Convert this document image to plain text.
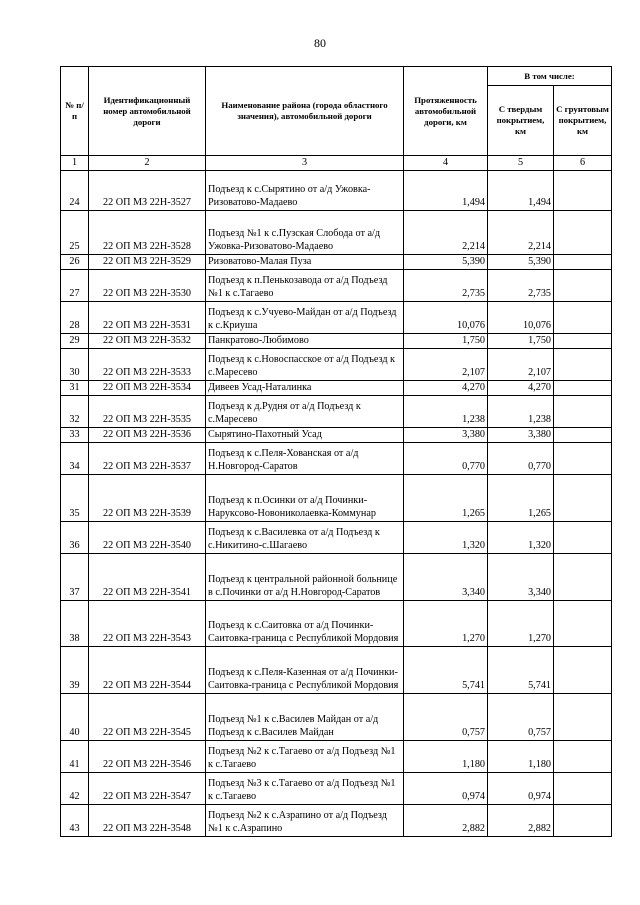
80
№ п/п	Идентификационный номер автомобильной дороги	Наименование района (города областного значения), автомобильной дороги	Протяженность автомобильной дороги, км	В том числе:	
				С твердым покрытием, км	С грунтовым покрытием, км
1	2	3	4	5	6
24	22 ОП МЗ 22Н-3527	Подъезд к с.Сырятино от а/д Ужовка-Ризоватово-Мадаево	1,494	1,494	
25	22 ОП МЗ 22Н-3528	Подъезд №1 к с.Пузская Слобода от а/д Ужовка-Ризоватово-Мадаево	2,214	2,214	
26	22 ОП МЗ 22Н-3529	Ризоватово-Малая Пуза	5,390	5,390	
27	22 ОП МЗ 22Н-3530	Подъезд к п.Пенькозавода от а/д Подъезд №1 к с.Тагаево	2,735	2,735	
28	22 ОП МЗ 22Н-3531	Подъезд к с.Учуево-Майдан от а/д Подъезд к с.Криуша	10,076	10,076	
29	22 ОП МЗ 22Н-3532	Панкратово-Любимово	1,750	1,750	
30	22 ОП МЗ 22Н-3533	Подъезд к с.Новоспасское от а/д Подъезд к с.Маресево	2,107	2,107	
31	22 ОП МЗ 22Н-3534	Дивеев Усад-Наталинка	4,270	4,270	
32	22 ОП МЗ 22Н-3535	Подъезд к д.Рудня от а/д Подъезд к с.Маресево	1,238	1,238	
33	22 ОП МЗ 22Н-3536	Сырятино-Пахотный Усад	3,380	3,380	
34	22 ОП МЗ 22Н-3537	Подъезд к с.Пеля-Хованская от а/д Н.Новгород-Саратов	0,770	0,770	
35	22 ОП МЗ 22Н-3539	Подъезд к п.Осинки от а/д Починки-Наруксово-Новониколаевка-Коммунар	1,265	1,265	
36	22 ОП МЗ 22Н-3540	Подъезд к с.Василевка от а/д Подъезд к с.Никитино-с.Шагаево	1,320	1,320	
37	22 ОП МЗ 22Н-3541	Подъезд к центральной районной больнице в с.Починки от а/д Н.Новгород-Саратов	3,340	3,340	
38	22 ОП МЗ 22Н-3543	Подъезд к с.Саитовка от а/д Починки-Саитовка-граница с Республикой Мордовия	1,270	1,270	
39	22 ОП МЗ 22Н-3544	Подъезд к с.Пеля-Казенная от а/д Починки-Саитовка-граница с Республикой Мордовия	5,741	5,741	
40	22 ОП МЗ 22Н-3545	Подъезд №1 к с.Василев Майдан от а/д Подъезд к с.Василев Майдан	0,757	0,757	
41	22 ОП МЗ 22Н-3546	Подъезд №2 к с.Тагаево от а/д Подъезд №1 к с.Тагаево	1,180	1,180	
42	22 ОП МЗ 22Н-3547	Подъезд №3 к с.Тагаево от а/д Подъезд №1 к с.Тагаево	0,974	0,974	
43	22 ОП МЗ 22Н-3548	Подъезд №2 к с.Азрапино от а/д Подъезд №1 к с.Азрапино	2,882	2,882	
